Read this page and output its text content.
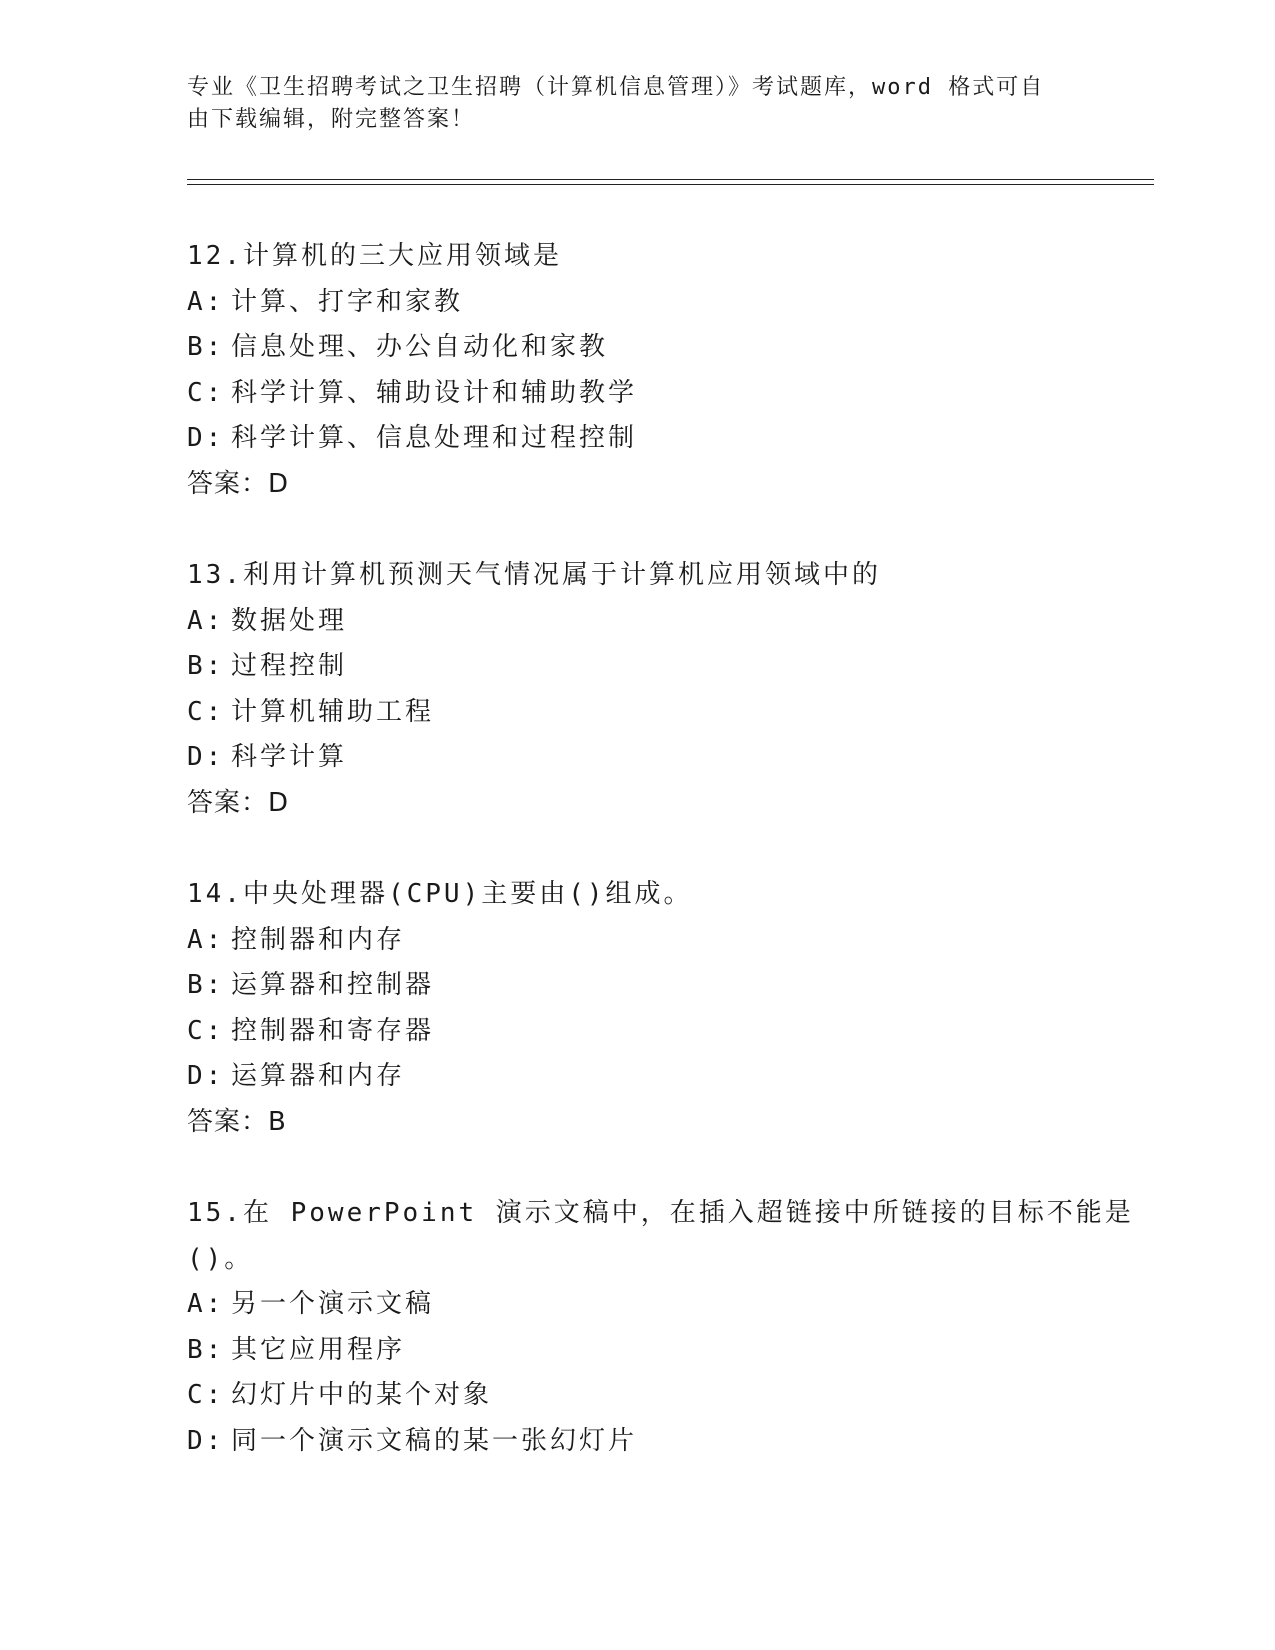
专业《卫生招聘考试之卫生招聘（计算机信息管理）》考试题库，word 格式可自
由下载编辑，附完整答案！
12.计算机的三大应用领域是
A: 计算、打字和家教
B: 信息处理、办公自动化和家教
C: 科学计算、辅助设计和辅助教学
D: 科学计算、信息处理和过程控制
答案：D
13.利用计算机预测天气情况属于计算机应用领域中的
A: 数据处理
B: 过程控制
C: 计算机辅助工程
D: 科学计算
答案：D
14.中央处理器(CPU)主要由()组成。
A: 控制器和内存
B: 运算器和控制器
C: 控制器和寄存器
D: 运算器和内存
答案：B
15.在 PowerPoint 演示文稿中，在插入超链接中所链接的目标不能是
()。
A: 另一个演示文稿
B: 其它应用程序
C: 幻灯片中的某个对象
D: 同一个演示文稿的某一张幻灯片
